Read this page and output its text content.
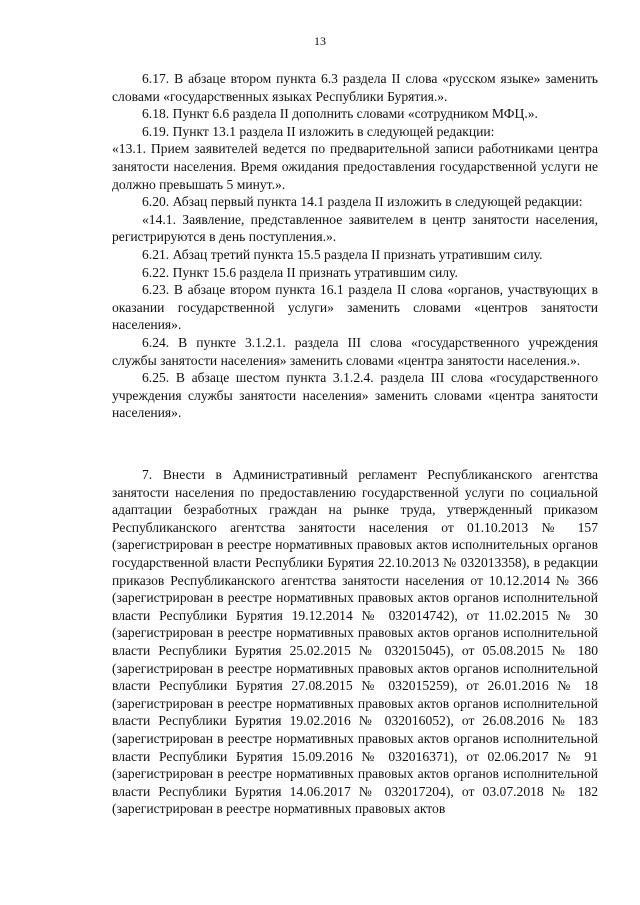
13

6.17. В абзаце втором пункта 6.3 раздела II слова «русском языке» заменить словами «государственных языках Республики Бурятия.».

6.18. Пункт 6.6 раздела II дополнить словами «сотрудником МФЦ.».

6.19. Пункт 13.1 раздела II изложить в следующей редакции:

«13.1. Прием заявителей ведется по предварительной записи работниками центра занятости населения. Время ожидания предоставления государственной услуги не должно превышать 5 минут.».

6.20. Абзац первый пункта 14.1 раздела II изложить в следующей редакции:

«14.1. Заявление, представленное заявителем в центр занятости населения, регистрируются в день поступления.».

6.21. Абзац третий пункта 15.5 раздела II признать утратившим силу.

6.22. Пункт 15.6 раздела II признать утратившим силу.

6.23. В абзаце втором пункта 16.1 раздела II слова «органов, участвующих в оказании государственной услуги» заменить словами «центров занятости населения».

6.24. В пункте 3.1.2.1. раздела III слова «государственного учреждения службы занятости населения» заменить словами «центра занятости населения.».

6.25. В абзаце шестом пункта 3.1.2.4. раздела III слова «государственного учреждения службы занятости населения» заменить словами «центра занятости населения».

7. Внести в Административный регламент Республиканского агентства занятости населения по предоставлению государственной услуги по социальной адаптации безработных граждан на рынке труда, утвержденный приказом Республиканского агентства занятости населения от 01.10.2013 № 157 (зарегистрирован в реестре нормативных правовых актов исполнительных органов государственной власти Республики Бурятия 22.10.2013 № 032013358), в редакции приказов Республиканского агентства занятости населения от 10.12.2014 № 366 (зарегистрирован в реестре нормативных правовых актов органов исполнительной власти Республики Бурятия 19.12.2014 № 032014742), от 11.02.2015 № 30 (зарегистрирован в реестре нормативных правовых актов органов исполнительной власти Республики Бурятия 25.02.2015 № 032015045), от 05.08.2015 № 180 (зарегистрирован в реестре нормативных правовых актов органов исполнительной власти Республики Бурятия 27.08.2015 № 032015259), от 26.01.2016 № 18 (зарегистрирован в реестре нормативных правовых актов органов исполнительной власти Республики Бурятия 19.02.2016 № 032016052), от 26.08.2016 № 183 (зарегистрирован в реестре нормативных правовых актов органов исполнительной власти Республики Бурятия 15.09.2016 № 032016371), от 02.06.2017 № 91 (зарегистрирован в реестре нормативных правовых актов органов исполнительной власти Республики Бурятия 14.06.2017 № 032017204), от 03.07.2018 № 182 (зарегистрирован в реестре нормативных правовых актов
